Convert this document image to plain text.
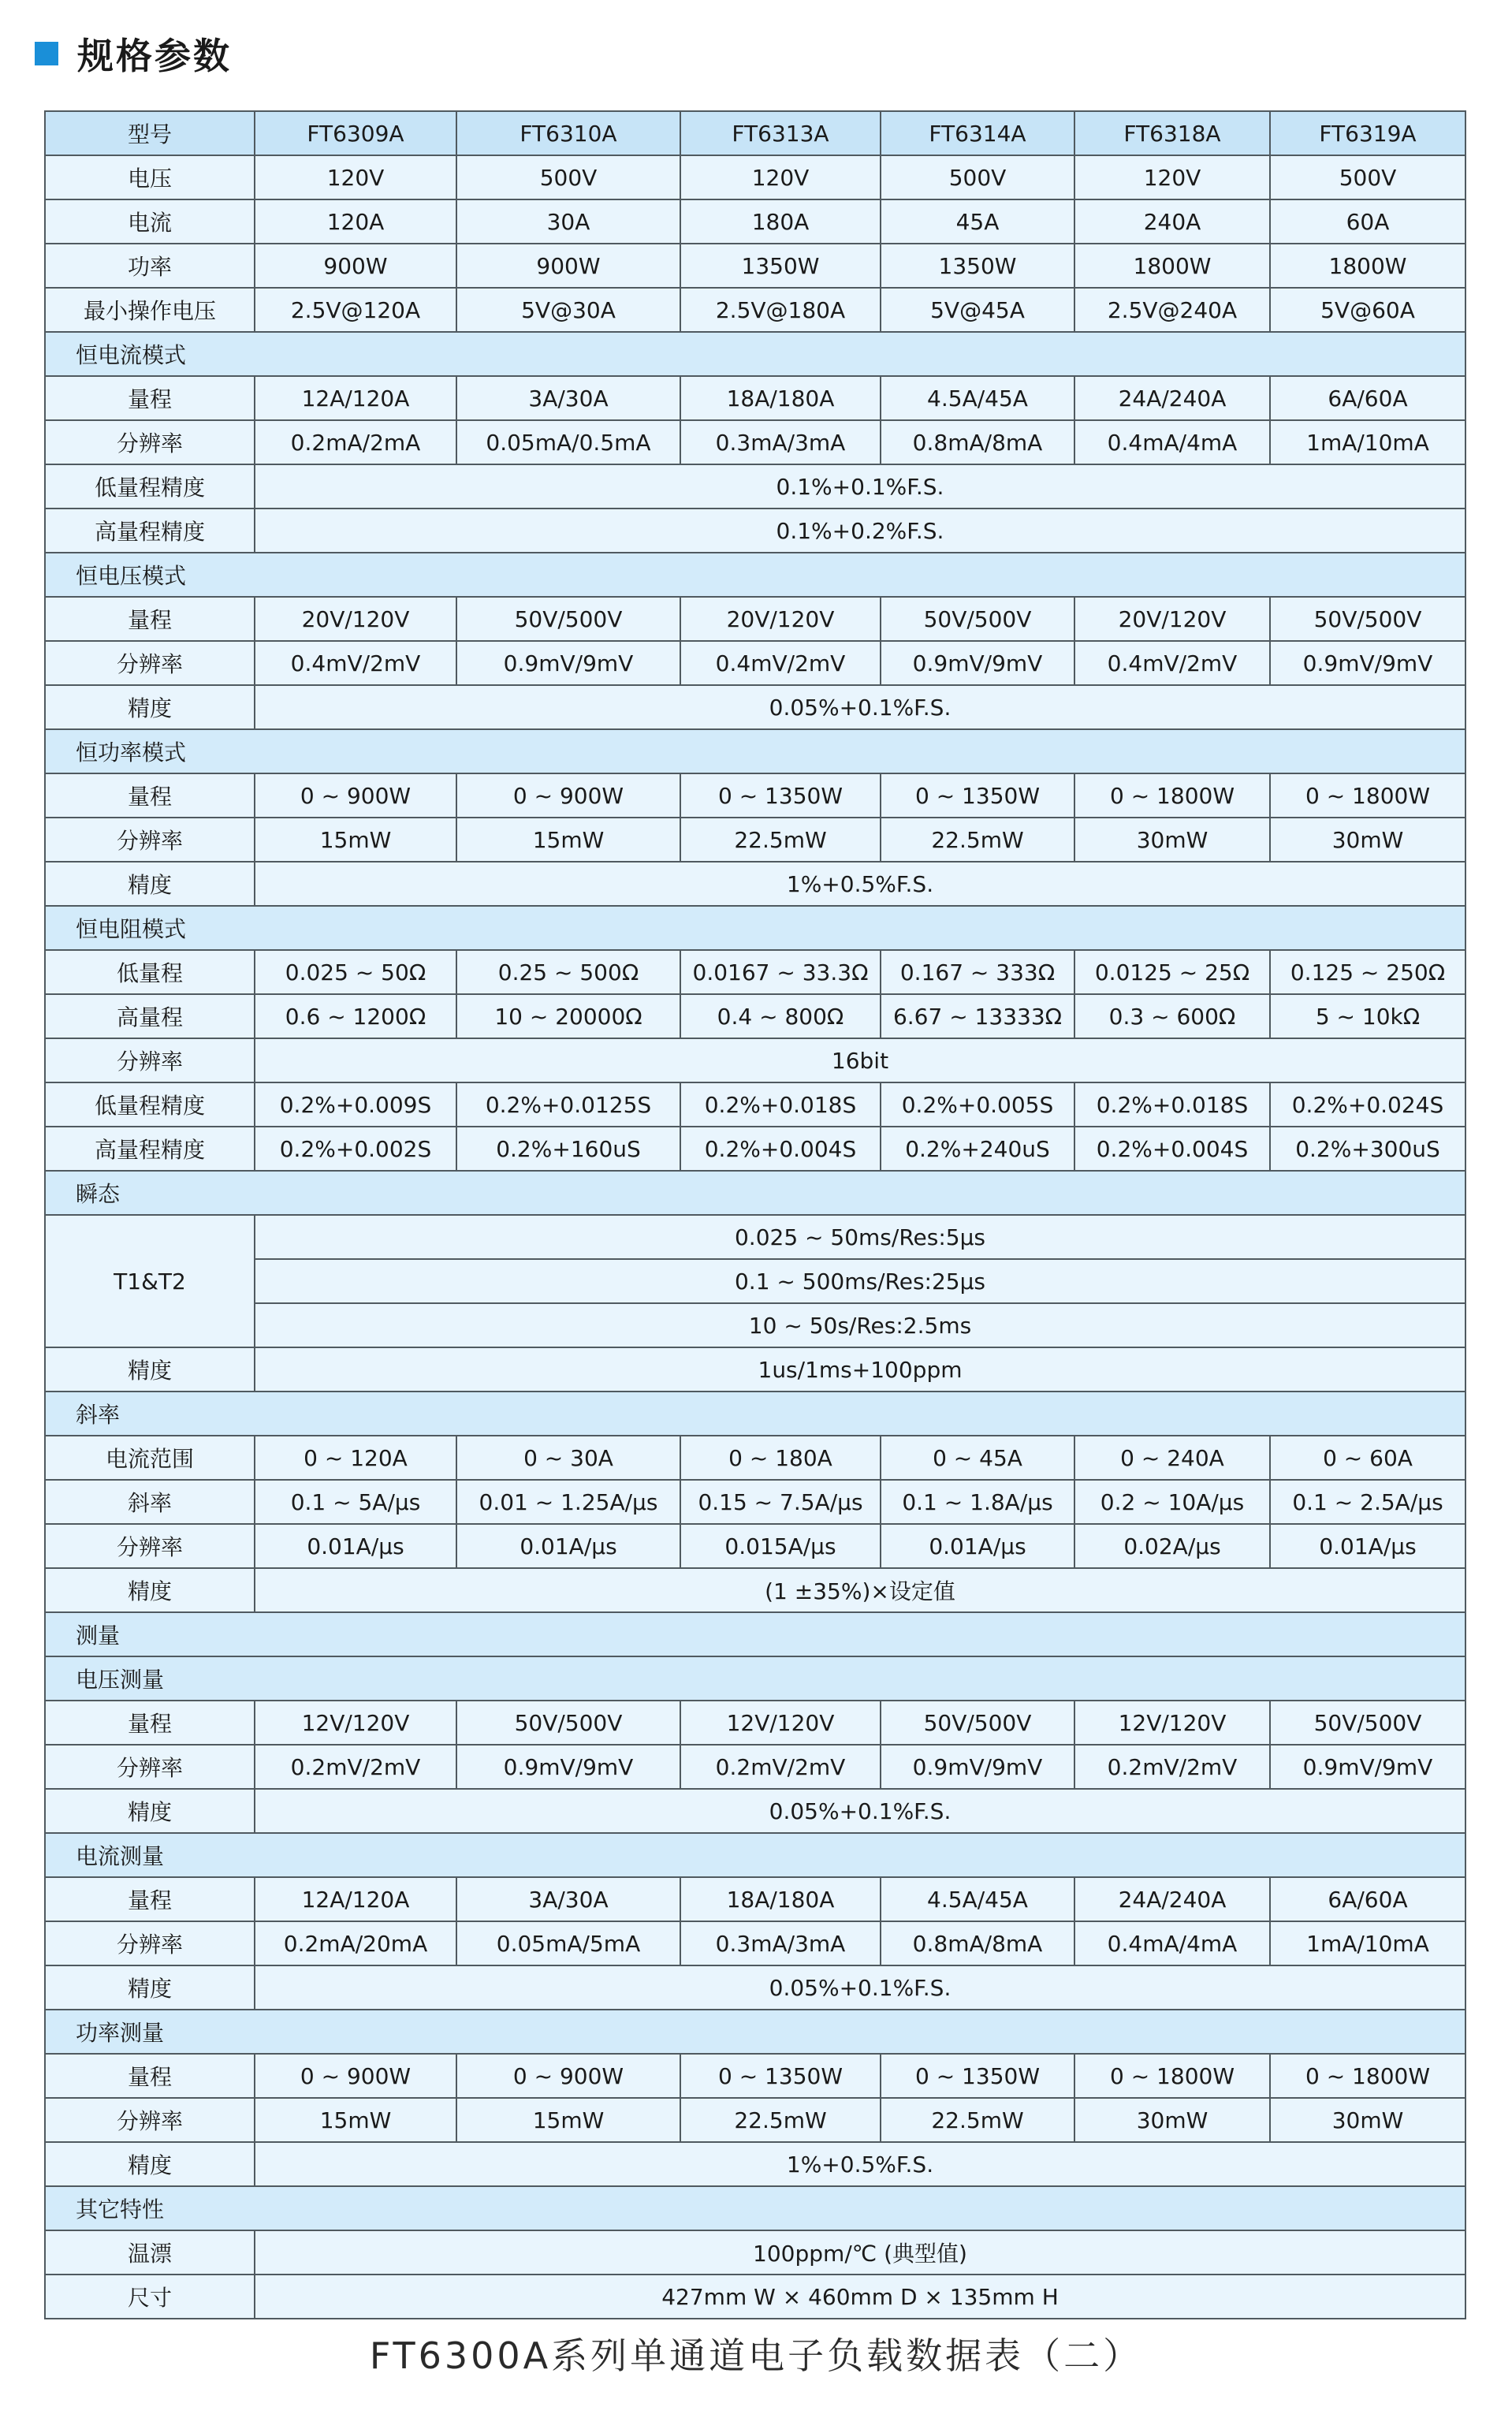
规格参数
型号	FT6309A	FT6310A	FT6313A	FT6314A	FT6318A	FT6319A
电压	120V	500V	120V	500V	120V	500V
电流	120A	30A	180A	45A	240A	60A
功率	900W	900W	1350W	1350W	1800W	1800W
最小操作电压	2.5V@120A	5V@30A	2.5V@180A	5V@45A	2.5V@240A	5V@60A
恒电流模式						
量程	12A/120A	3A/30A	18A/180A	4.5A/45A	24A/240A	6A/60A
分辨率	0.2mA/2mA	0.05mA/0.5mA	0.3mA/3mA	0.8mA/8mA	0.4mA/4mA	1mA/10mA
低量程精度	0.1%+0.1%F.S.					
高量程精度	0.1%+0.2%F.S.					
恒电压模式						
量程	20V/120V	50V/500V	20V/120V	50V/500V	20V/120V	50V/500V
分辨率	0.4mV/2mV	0.9mV/9mV	0.4mV/2mV	0.9mV/9mV	0.4mV/2mV	0.9mV/9mV
精度	0.05%+0.1%F.S.					
恒功率模式						
量程	0 ~ 900W	0 ~ 900W	0 ~ 1350W	0 ~ 1350W	0 ~ 1800W	0 ~ 1800W
分辨率	15mW	15mW	22.5mW	22.5mW	30mW	30mW
精度	1%+0.5%F.S.					
恒电阻模式						
低量程	0.025 ~ 50Ω	0.25 ~ 500Ω	0.0167 ~ 33.3Ω	0.167 ~ 333Ω	0.0125 ~ 25Ω	0.125 ~ 250Ω
高量程	0.6 ~ 1200Ω	10 ~ 20000Ω	0.4 ~ 800Ω	6.67 ~ 13333Ω	0.3 ~ 600Ω	5 ~ 10kΩ
分辨率	16bit					
低量程精度	0.2%+0.009S	0.2%+0.0125S	0.2%+0.018S	0.2%+0.005S	0.2%+0.018S	0.2%+0.024S
高量程精度	0.2%+0.002S	0.2%+160uS	0.2%+0.004S	0.2%+240uS	0.2%+0.004S	0.2%+300uS
瞬态						
T1&T2	0.025 ~ 50ms/Res:5μs					
	0.1 ~ 500ms/Res:25μs					
	10 ~ 50s/Res:2.5ms					
精度	1us/1ms+100ppm					
斜率						
电流范围	0 ~ 120A	0 ~ 30A	0 ~ 180A	0 ~ 45A	0 ~ 240A	0 ~ 60A
斜率	0.1 ~ 5A/μs	0.01 ~ 1.25A/μs	0.15 ~ 7.5A/μs	0.1 ~ 1.8A/μs	0.2 ~ 10A/μs	0.1 ~ 2.5A/μs
分辨率	0.01A/μs	0.01A/μs	0.015A/μs	0.01A/μs	0.02A/μs	0.01A/μs
精度	(1 ±35%)×设定值					
测量						
电压测量						
量程	12V/120V	50V/500V	12V/120V	50V/500V	12V/120V	50V/500V
分辨率	0.2mV/2mV	0.9mV/9mV	0.2mV/2mV	0.9mV/9mV	0.2mV/2mV	0.9mV/9mV
精度	0.05%+0.1%F.S.					
电流测量						
量程	12A/120A	3A/30A	18A/180A	4.5A/45A	24A/240A	6A/60A
分辨率	0.2mA/20mA	0.05mA/5mA	0.3mA/3mA	0.8mA/8mA	0.4mA/4mA	1mA/10mA
精度	0.05%+0.1%F.S.					
功率测量						
量程	0 ~ 900W	0 ~ 900W	0 ~ 1350W	0 ~ 1350W	0 ~ 1800W	0 ~ 1800W
分辨率	15mW	15mW	22.5mW	22.5mW	30mW	30mW
精度	1%+0.5%F.S.					
其它特性						
温漂	100ppm/℃ (典型值)					
尺寸	427mm W × 460mm D × 135mm H					
FT6300A系列单通道电子负载数据表（二）
